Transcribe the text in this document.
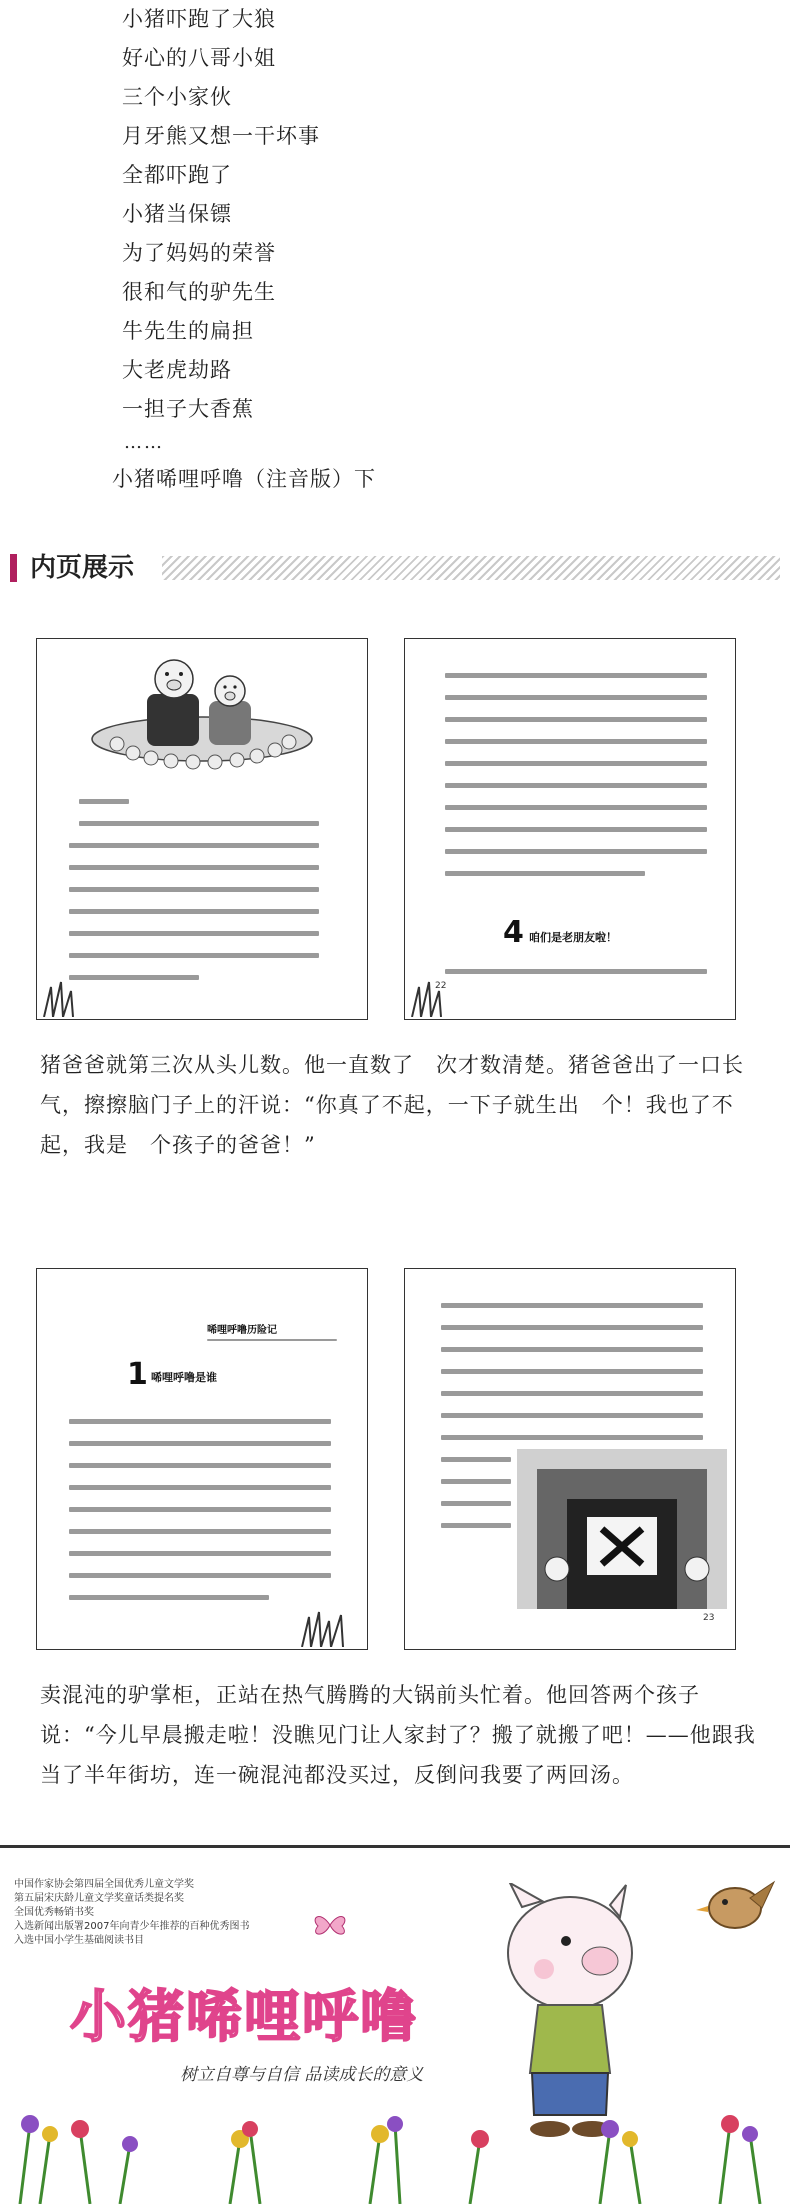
小猪吓跑了大狼
好心的八哥小姐
三个小家伙
月牙熊又想一干坏事
全都吓跑了
小猪当保镖
为了妈妈的荣誉
很和气的驴先生
牛先生的扁担
大老虎劫路
一担子大香蕉
……
小猪唏哩呼噜（注音版）下
内页展示
4 咱们是老朋友啦！
22
猪爸爸就第三次从头儿数。他一直数了　次才数清楚。猪爸爸出了一口长气，擦擦脑门子上的汗说：“你真了不起，一下子就生出　个！我也了不起，我是　个孩子的爸爸！”
唏哩呼噜历险记
1 唏哩呼噜是谁
23
卖混沌的驴掌柜，正站在热气腾腾的大锅前头忙着。他回答两个孩子说：“今儿早晨搬走啦！没瞧见门让人家封了？搬了就搬了吧！——他跟我当了半年街坊，连一碗混沌都没买过，反倒问我要了两回汤。
中国作家协会第四届全国优秀儿童文学奖
第五届宋庆龄儿童文学奖童话类提名奖
全国优秀畅销书奖
入选新闻出版署2007年向青少年推荐的百种优秀图书
入选中国小学生基础阅读书目
小猪唏哩呼噜
树立自尊与自信 品读成长的意义
